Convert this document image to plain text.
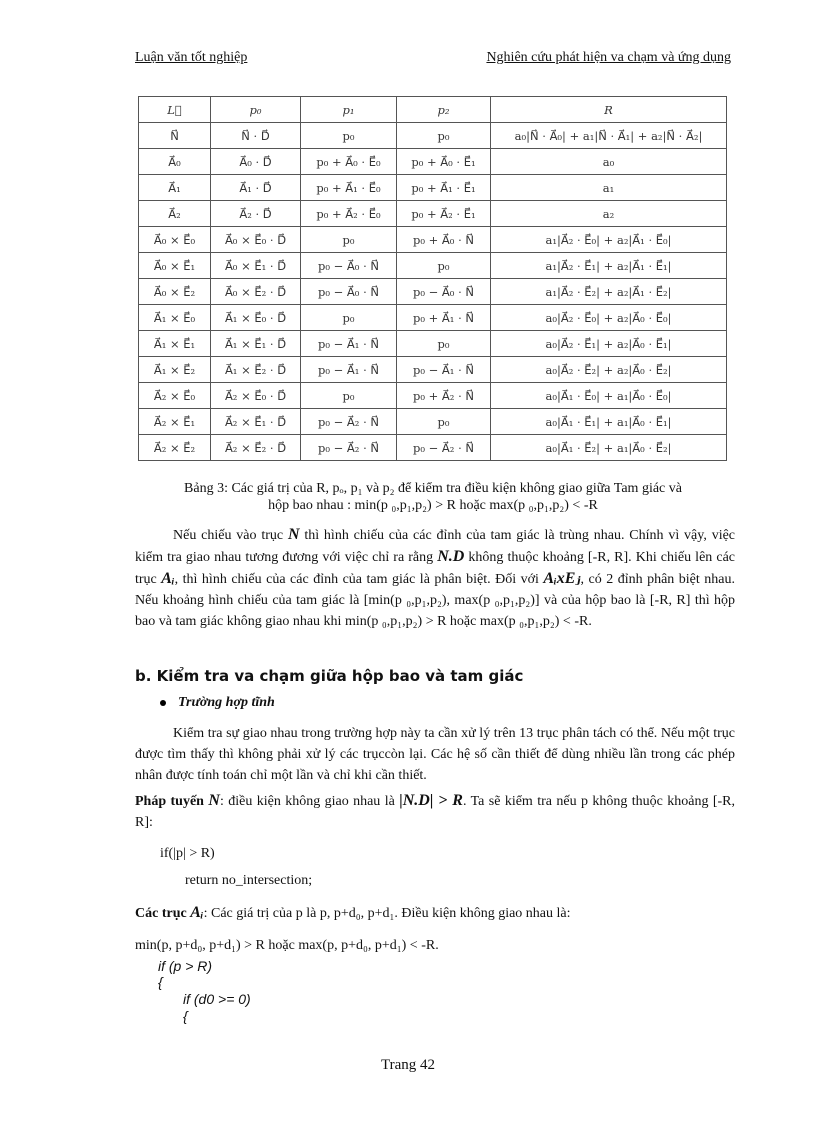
Luận văn tốt nghiệp	Nghiên cứu phát hiện va chạm và ứng dụng
L⃗	p₀	p₁	p₂	R
N⃗	N⃗ · D⃗	p₀	p₀	a₀|N⃗ · A⃗₀| + a₁|N⃗ · A⃗₁| + a₂|N⃗ · A⃗₂|
A⃗₀	A⃗₀ · D⃗	p₀ + A⃗₀ · E⃗₀	p₀ + A⃗₀ · E⃗₁	a₀
A⃗₁	A⃗₁ · D⃗	p₀ + A⃗₁ · E⃗₀	p₀ + A⃗₁ · E⃗₁	a₁
A⃗₂	A⃗₂ · D⃗	p₀ + A⃗₂ · E⃗₀	p₀ + A⃗₂ · E⃗₁	a₂
A⃗₀ × E⃗₀	A⃗₀ × E⃗₀ · D⃗	p₀	p₀ + A⃗₀ · N⃗	a₁|A⃗₂ · E⃗₀| + a₂|A⃗₁ · E⃗₀|
A⃗₀ × E⃗₁	A⃗₀ × E⃗₁ · D⃗	p₀ − A⃗₀ · N⃗	p₀	a₁|A⃗₂ · E⃗₁| + a₂|A⃗₁ · E⃗₁|
A⃗₀ × E⃗₂	A⃗₀ × E⃗₂ · D⃗	p₀ − A⃗₀ · N⃗	p₀ − A⃗₀ · N⃗	a₁|A⃗₂ · E⃗₂| + a₂|A⃗₁ · E⃗₂|
A⃗₁ × E⃗₀	A⃗₁ × E⃗₀ · D⃗	p₀	p₀ + A⃗₁ · N⃗	a₀|A⃗₂ · E⃗₀| + a₂|A⃗₀ · E⃗₀|
A⃗₁ × E⃗₁	A⃗₁ × E⃗₁ · D⃗	p₀ − A⃗₁ · N⃗	p₀	a₀|A⃗₂ · E⃗₁| + a₂|A⃗₀ · E⃗₁|
A⃗₁ × E⃗₂	A⃗₁ × E⃗₂ · D⃗	p₀ − A⃗₁ · N⃗	p₀ − A⃗₁ · N⃗	a₀|A⃗₂ · E⃗₂| + a₂|A⃗₀ · E⃗₂|
A⃗₂ × E⃗₀	A⃗₂ × E⃗₀ · D⃗	p₀	p₀ + A⃗₂ · N⃗	a₀|A⃗₁ · E⃗₀| + a₁|A⃗₀ · E⃗₀|
A⃗₂ × E⃗₁	A⃗₂ × E⃗₁ · D⃗	p₀ − A⃗₂ · N⃗	p₀	a₀|A⃗₁ · E⃗₁| + a₁|A⃗₀ · E⃗₁|
A⃗₂ × E⃗₂	A⃗₂ × E⃗₂ · D⃗	p₀ − A⃗₂ · N⃗	p₀ − A⃗₂ · N⃗	a₀|A⃗₁ · E⃗₂| + a₁|A⃗₀ · E⃗₂|
Bảng 3: Các giá trị của R, pₒ, p₁ và p₂ để kiểm tra điều kiện không giao giữa Tam giác và
hộp bao nhau : min(p ₀,p₁,p₂) > R hoặc max(p ₀,p₁,p₂) < -R
Nếu chiếu vào trục N thì hình chiếu của các đỉnh của tam giác là trùng nhau. Chính vì vậy, việc kiểm tra giao nhau tương đương với việc chỉ ra rằng N.D không thuộc khoảng [-R, R]. Khi chiếu lên các trục Aᵢ, thì hình chiếu của các đỉnh của tam giác là phân biệt. Đối với AᵢxEⱼ, có 2 đỉnh phân biệt nhau. Nếu khoảng hình chiếu của tam giác là [min(p ₀,p₁,p₂), max(p ₀,p₁,p₂)] và của hộp bao là [-R, R] thì hộp bao và tam giác không giao nhau khi min(p ₀,p₁,p₂) > R hoặc max(p ₀,p₁,p₂) < -R.
b. Kiểm tra va chạm giữa hộp bao và tam giác
Trường hợp tĩnh
Kiểm tra sự giao nhau trong trường hợp này ta cần xử lý trên 13 trục phân tách có thể. Nếu một trục được tìm thấy thì không phải xử lý các trụccòn lại. Các hệ số cần thiết để dùng nhiều lần trong các phép nhân được tính toán chỉ một lần và chỉ khi cần thiết.
Pháp tuyến N: điều kiện không giao nhau là |N.D| > R. Ta sẽ kiểm tra nếu p không thuộc khoảng [-R, R]:
if(|p| > R)
return no_intersection;
Các trục Aᵢ: Các giá trị của p là p, p+d₀, p+d₁. Điều kiện không giao nhau là:
min(p, p+d₀, p+d₁) > R hoặc max(p, p+d₀, p+d₁) < -R.
if (p > R)
{
if (d0 >= 0)
{
Trang 42
